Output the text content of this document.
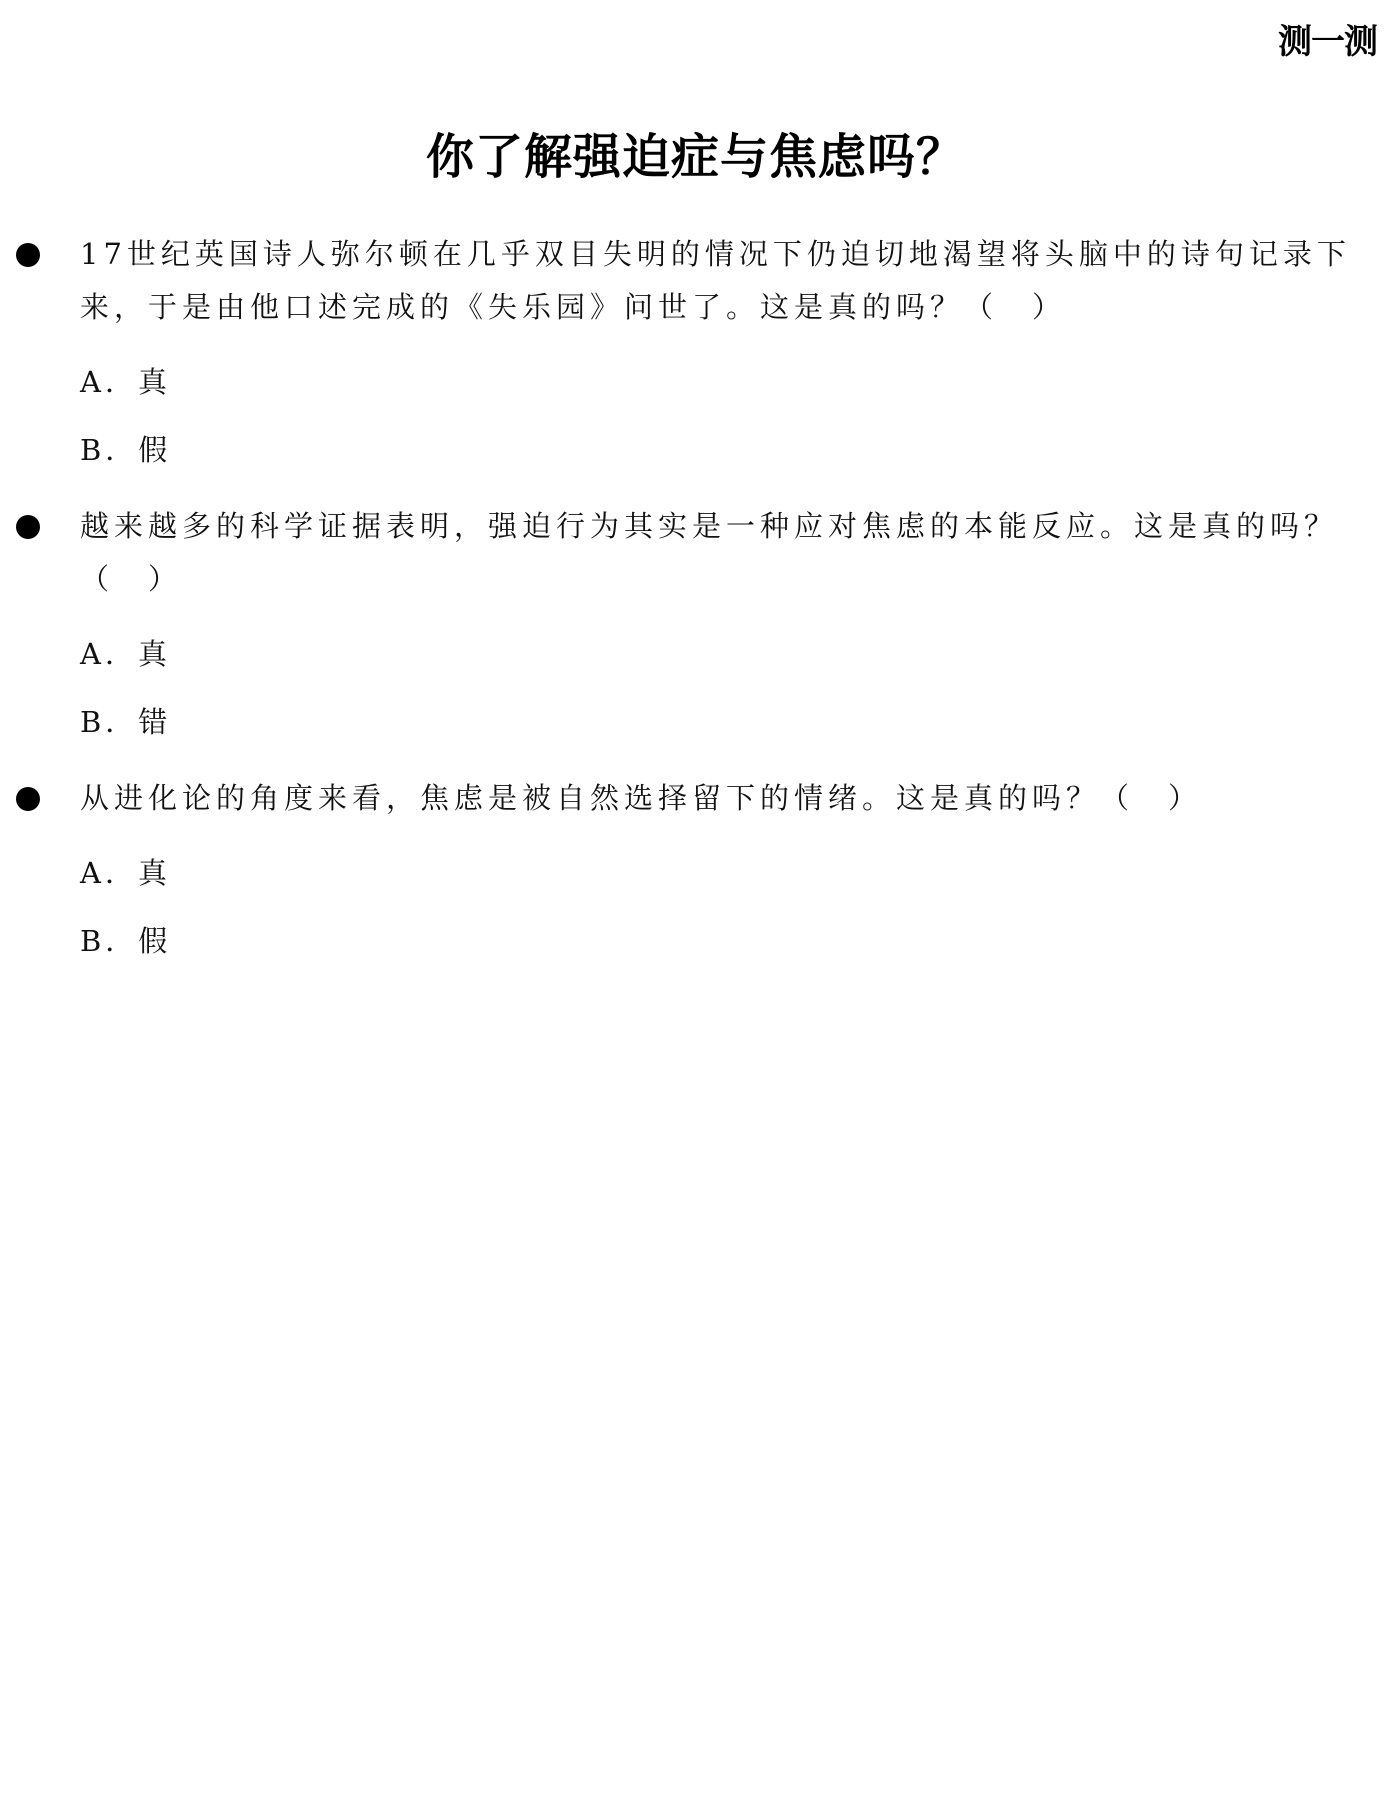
测一测
你了解强迫症与焦虑吗？
17世纪英国诗人弥尔顿在几乎双目失明的情况下仍迫切地渴望将头脑中的诗句记录下来，于是由他口述完成的《失乐园》问世了。这是真的吗？（　）
A．真
B．假
越来越多的科学证据表明，强迫行为其实是一种应对焦虑的本能反应。这是真的吗？（　）
A．真
B．错
从进化论的角度来看，焦虑是被自然选择留下的情绪。这是真的吗？（　）
A．真
B．假
